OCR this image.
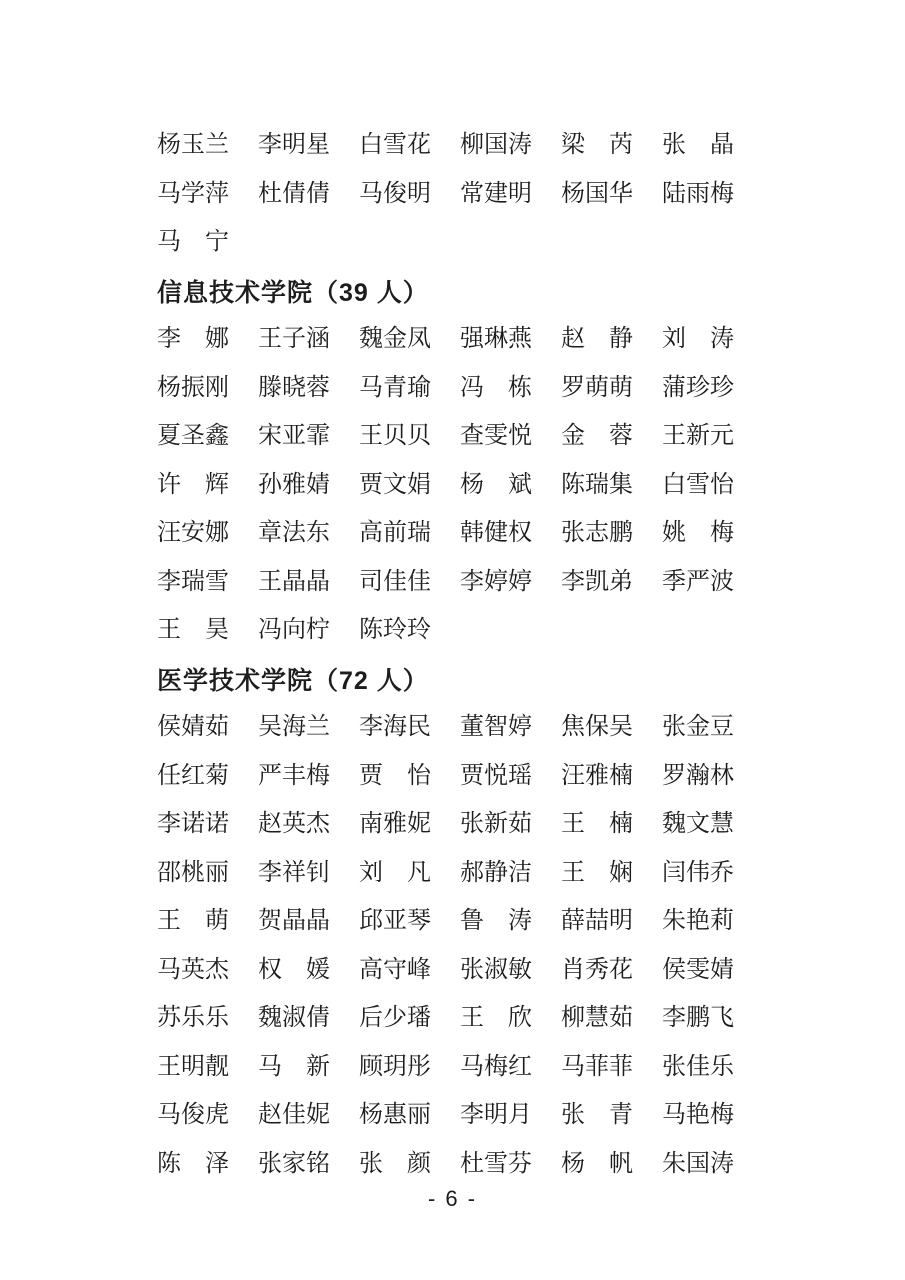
杨玉兰 李明星 白雪花 柳国涛 梁　芮 张　晶
马学萍 杜倩倩 马俊明 常建明 杨国华 陆雨梅
马　宁
信息技术学院（39 人）
李　娜 王子涵 魏金凤 强琳燕 赵　静 刘　涛
杨振刚 滕晓蓉 马青瑜 冯　栋 罗萌萌 蒲珍珍
夏圣鑫 宋亚霏 王贝贝 查雯悦 金　蓉 王新元
许　辉 孙雅婧 贾文娟 杨　斌 陈瑞集 白雪怡
汪安娜 章法东 高前瑞 韩健权 张志鹏 姚　梅
李瑞雪 王晶晶 司佳佳 李婷婷 李凯弟 季严波
王　昊 冯向柠 陈玲玲
医学技术学院（72 人）
侯婧茹 吴海兰 李海民 董智婷 焦保吴 张金豆
任红菊 严丰梅 贾　怡 贾悦瑶 汪雅楠 罗瀚林
李诺诺 赵英杰 南雅妮 张新茹 王　楠 魏文慧
邵桃丽 李祥钊 刘　凡 郝静洁 王　娴 闫伟乔
王　萌 贺晶晶 邱亚琴 鲁　涛 薛喆明 朱艳莉
马英杰 权　媛 高守峰 张淑敏 肖秀花 侯雯婧
苏乐乐 魏淑倩 后少璠 王　欣 柳慧茹 李鹏飞
王明靓 马　新 顾玥彤 马梅红 马菲菲 张佳乐
马俊虎 赵佳妮 杨惠丽 李明月 张　青 马艳梅
陈　泽 张家铭 张　颜 杜雪芬 杨　帆 朱国涛
- 6 -
